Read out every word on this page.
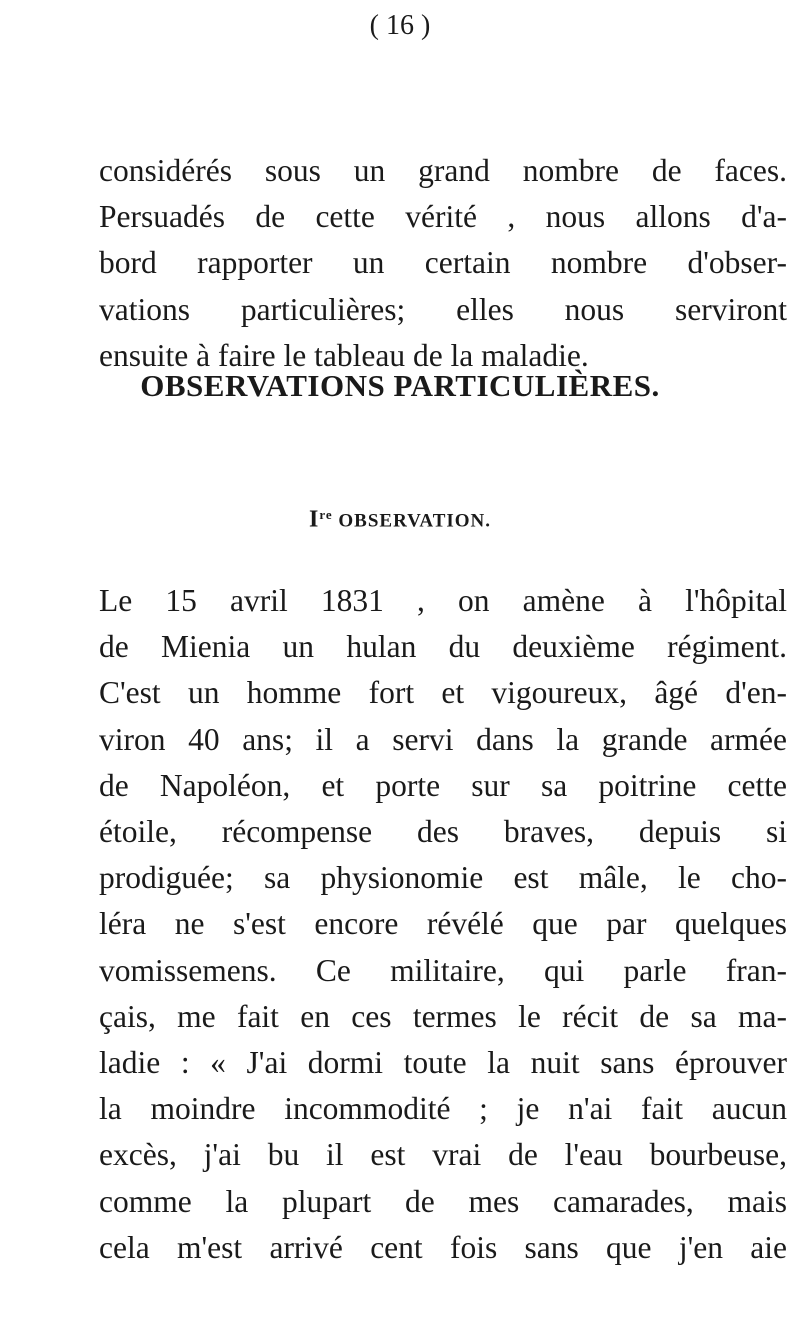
( 16 )
considérés sous un grand nombre de faces.
Persuadés de cette vérité , nous allons d'a-
bord rapporter un certain nombre d'obser-
vations particulières; elles nous serviront
ensuite à faire le tableau de la maladie.
OBSERVATIONS PARTICULIÈRES.
Ire OBSERVATION.
Le 15 avril 1831 , on amène à l'hôpital
de Mienia un hulan du deuxième régiment.
C'est un homme fort et vigoureux, âgé d'en-
viron 40 ans; il a servi dans la grande armée
de Napoléon, et porte sur sa poitrine cette
étoile, récompense des braves, depuis si
prodiguée; sa physionomie est mâle, le cho-
léra ne s'est encore révélé que par quelques
vomissemens. Ce militaire, qui parle fran-
çais, me fait en ces termes le récit de sa ma-
ladie : « J'ai dormi toute la nuit sans éprouver
la moindre incommodité ; je n'ai fait aucun
excès, j'ai bu il est vrai de l'eau bourbeuse,
comme la plupart de mes camarades, mais
cela m'est arrivé cent fois sans que j'en aie
